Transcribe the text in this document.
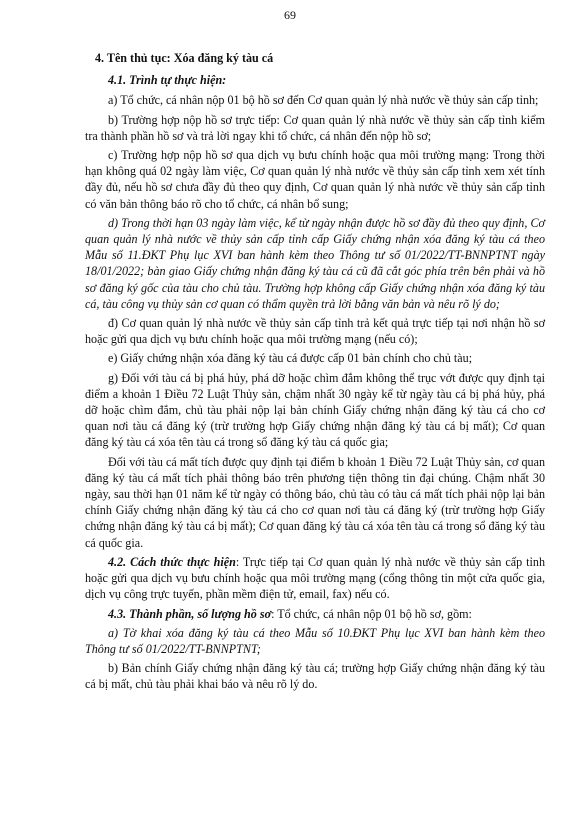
69

4. Tên thủ tục: Xóa đăng ký tàu cá

4.1. Trình tự thực hiện:

a) Tổ chức, cá nhân nộp 01 bộ hồ sơ đến Cơ quan quản lý nhà nước về thủy sản cấp tỉnh;

b) Trường hợp nộp hồ sơ trực tiếp: Cơ quan quản lý nhà nước về thủy sản cấp tỉnh kiểm tra thành phần hồ sơ và trả lời ngay khi tổ chức, cá nhân đến nộp hồ sơ;

c) Trường hợp nộp hồ sơ qua dịch vụ bưu chính hoặc qua môi trường mạng: Trong thời hạn không quá 02 ngày làm việc, Cơ quan quản lý nhà nước về thủy sản cấp tỉnh xem xét tính đầy đủ, nếu hồ sơ chưa đầy đủ theo quy định, Cơ quan quản lý nhà nước về thủy sản cấp tỉnh có văn bản thông báo rõ cho tổ chức, cá nhân bổ sung;

d) Trong thời hạn 03 ngày làm việc, kể từ ngày nhận được hồ sơ đầy đủ theo quy định, Cơ quan quản lý nhà nước về thủy sản cấp tỉnh cấp Giấy chứng nhận xóa đăng ký tàu cá theo Mẫu số 11.ĐKT Phụ lục XVI ban hành kèm theo Thông tư số 01/2022/TT-BNNPTNT ngày 18/01/2022; bàn giao Giấy chứng nhận đăng ký tàu cá cũ đã cắt góc phía trên bên phải và hồ sơ đăng ký gốc của tàu cho chủ tàu. Trường hợp không cấp Giấy chứng nhận xóa đăng ký tàu cá, tàu công vụ thủy sản cơ quan có thẩm quyền trả lời bằng văn bản và nêu rõ lý do;

đ) Cơ quan quản lý nhà nước về thủy sản cấp tỉnh trả kết quả trực tiếp tại nơi nhận hồ sơ hoặc gửi qua dịch vụ bưu chính hoặc qua môi trường mạng (nếu có);

e) Giấy chứng nhận xóa đăng ký tàu cá được cấp 01 bản chính cho chủ tàu;

g) Đối với tàu cá bị phá hủy, phá dỡ hoặc chìm đắm không thể trục vớt được quy định tại điểm a khoản 1 Điều 72 Luật Thủy sản, chậm nhất 30 ngày kể từ ngày tàu cá bị phá hủy, phá dỡ hoặc chìm đắm, chủ tàu phải nộp lại bản chính Giấy chứng nhận đăng ký tàu cá cho cơ quan nơi tàu cá đăng ký (trừ trường hợp Giấy chứng nhận đăng ký tàu cá bị mất); Cơ quan đăng ký tàu cá xóa tên tàu cá trong sổ đăng ký tàu cá quốc gia;

Đối với tàu cá mất tích được quy định tại điểm b khoản 1 Điều 72 Luật Thủy sản, cơ quan đăng ký tàu cá mất tích phải thông báo trên phương tiện thông tin đại chúng. Chậm nhất 30 ngày, sau thời hạn 01 năm kể từ ngày có thông báo, chủ tàu có tàu cá mất tích phải nộp lại bản chính Giấy chứng nhận đăng ký tàu cá cho cơ quan nơi tàu cá đăng ký (trừ trường hợp Giấy chứng nhận đăng ký tàu cá bị mất); Cơ quan đăng ký tàu cá xóa tên tàu cá trong sổ đăng ký tàu cá quốc gia.

4.2. Cách thức thực hiện: Trực tiếp tại Cơ quan quản lý nhà nước về thủy sản cấp tỉnh hoặc gửi qua dịch vụ bưu chính hoặc qua môi trường mạng (cổng thông tin một cửa quốc gia, dịch vụ công trực tuyến, phần mềm điện tử, email, fax) nếu có.

4.3. Thành phần, số lượng hồ sơ: Tổ chức, cá nhân nộp 01 bộ hồ sơ, gồm:

a) Tờ khai xóa đăng ký tàu cá theo Mẫu số 10.ĐKT Phụ lục XVI ban hành kèm theo Thông tư số 01/2022/TT-BNNPTNT;

b) Bản chính Giấy chứng nhận đăng ký tàu cá; trường hợp Giấy chứng nhận đăng ký tàu cá bị mất, chủ tàu phải khai báo và nêu rõ lý do.
